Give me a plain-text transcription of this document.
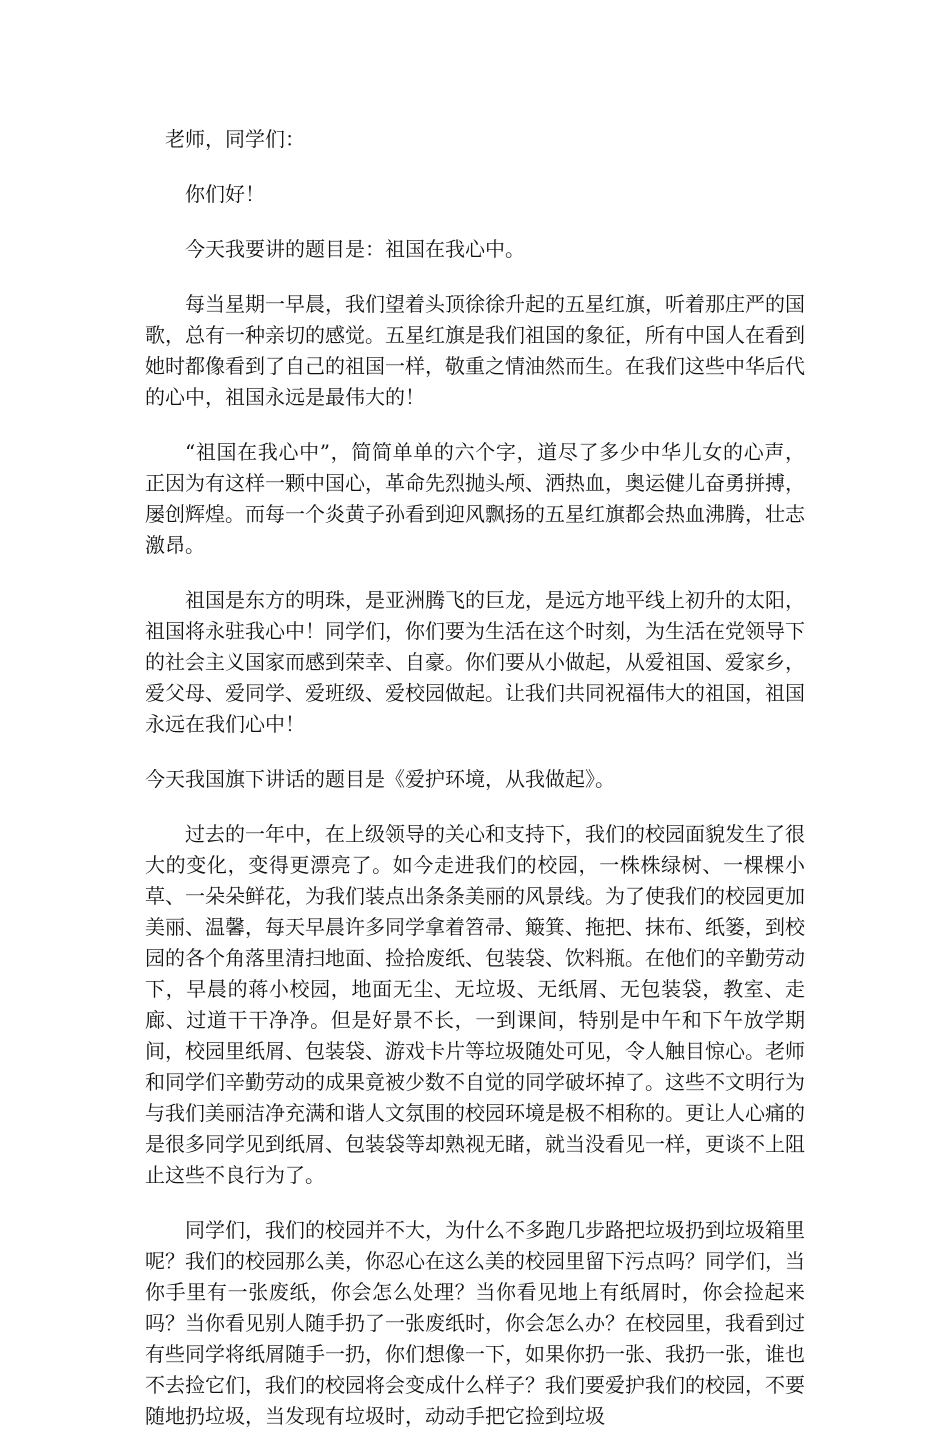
老师，同学们：

你们好！

今天我要讲的题目是：祖国在我心中。

每当星期一早晨，我们望着头顶徐徐升起的五星红旗，听着那庄严的国歌，总有一种亲切的感觉。五星红旗是我们祖国的象征，所有中国人在看到她时都像看到了自己的祖国一样，敬重之情油然而生。在我们这些中华后代的心中，祖国永远是最伟大的！

“祖国在我心中”，简简单单的六个字，道尽了多少中华儿女的心声，正因为有这样一颗中国心，革命先烈抛头颅、洒热血，奥运健儿奋勇拼搏，屡创辉煌。而每一个炎黄子孙看到迎风飘扬的五星红旗都会热血沸腾，壮志激昂。

祖国是东方的明珠，是亚洲腾飞的巨龙，是远方地平线上初升的太阳，祖国将永驻我心中！同学们，你们要为生活在这个时刻，为生活在党领导下的社会主义国家而感到荣幸、自豪。你们要从小做起，从爱祖国、爱家乡，爱父母、爱同学、爱班级、爱校园做起。让我们共同祝福伟大的祖国，祖国永远在我们心中！

今天我国旗下讲话的题目是《爱护环境，从我做起》。

过去的一年中，在上级领导的关心和支持下，我们的校园面貌发生了很大的变化，变得更漂亮了。如今走进我们的校园，一株株绿树、一棵棵小草、一朵朵鲜花，为我们装点出条条美丽的风景线。为了使我们的校园更加美丽、温馨，每天早晨许多同学拿着笤帚、簸箕、拖把、抹布、纸篓，到校园的各个角落里清扫地面、捡拾废纸、包装袋、饮料瓶。在他们的辛勤劳动下，早晨的蒋小校园，地面无尘、无垃圾、无纸屑、无包装袋，教室、走廊、过道干干净净。但是好景不长，一到课间，特别是中午和下午放学期间，校园里纸屑、包装袋、游戏卡片等垃圾随处可见，令人触目惊心。老师和同学们辛勤劳动的成果竟被少数不自觉的同学破坏掉了。这些不文明行为与我们美丽洁净充满和谐人文氛围的校园环境是极不相称的。更让人心痛的是很多同学见到纸屑、包装袋等却熟视无睹，就当没看见一样，更谈不上阻止这些不良行为了。

同学们，我们的校园并不大，为什么不多跑几步路把垃圾扔到垃圾箱里呢？我们的校园那么美，你忍心在这么美的校园里留下污点吗？同学们，当你手里有一张废纸，你会怎么处理？当你看见地上有纸屑时，你会捡起来吗？当你看见别人随手扔了一张废纸时，你会怎么办？在校园里，我看到过有些同学将纸屑随手一扔，你们想像一下，如果你扔一张、我扔一张，谁也不去捡它们，我们的校园将会变成什么样子？我们要爱护我们的校园，不要随地扔垃圾，当发现有垃圾时，动动手把它捡到垃圾
